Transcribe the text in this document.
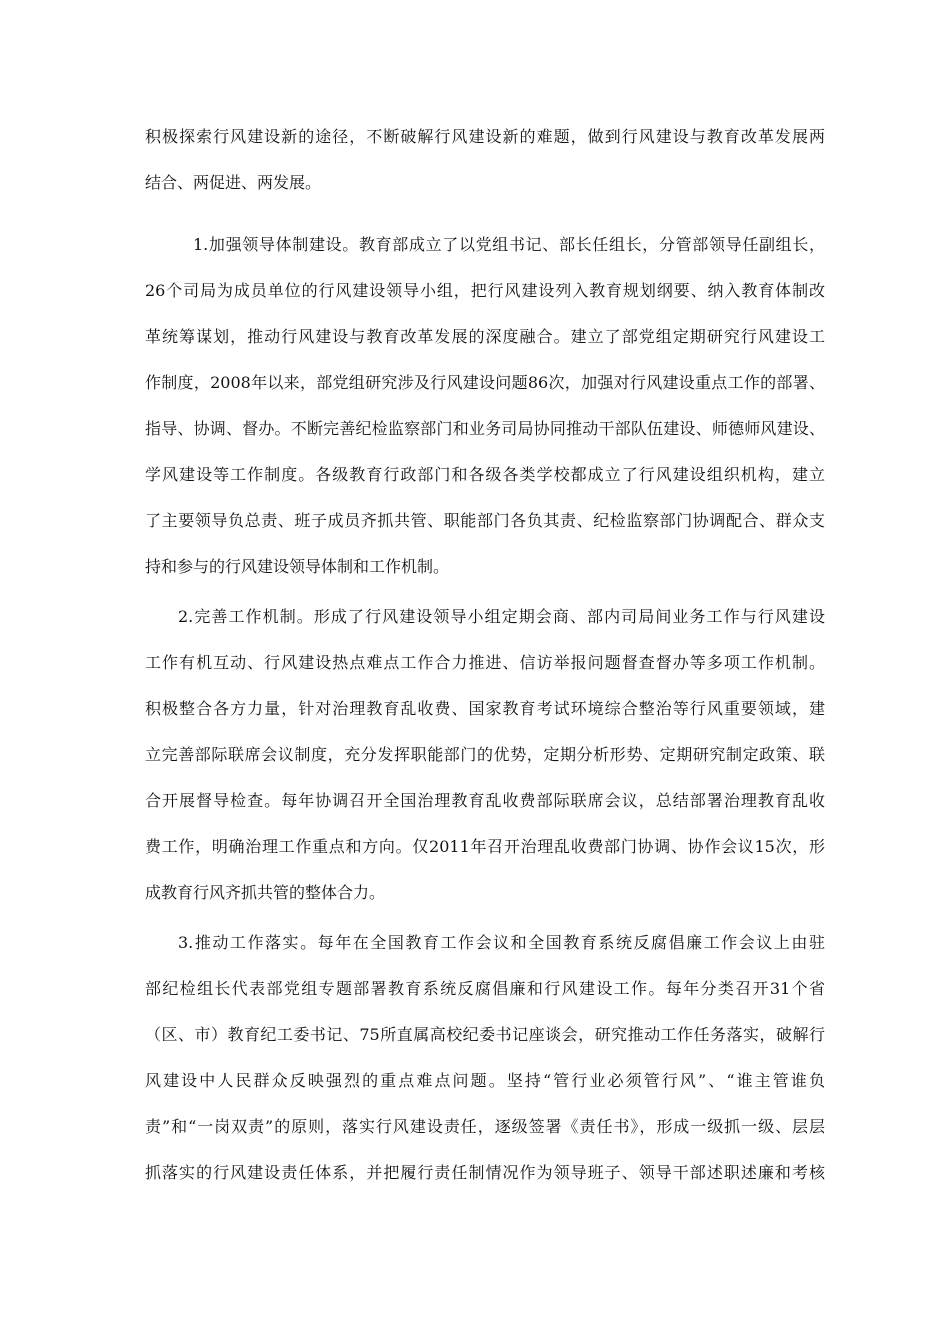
积极探索行风建设新的途径，不断破解行风建设新的难题，做到行风建设与教育改革发展两
结合、两促进、两发展。
1.加强领导体制建设。教育部成立了以党组书记、部长任组长，分管部领导任副组长，
26个司局为成员单位的行风建设领导小组，把行风建设列入教育规划纲要、纳入教育体制改
革统筹谋划，推动行风建设与教育改革发展的深度融合。建立了部党组定期研究行风建设工
作制度，2008年以来，部党组研究涉及行风建设问题86次，加强对行风建设重点工作的部署、
指导、协调、督办。不断完善纪检监察部门和业务司局协同推动干部队伍建设、师德师风建设、
学风建设等工作制度。各级教育行政部门和各级各类学校都成立了行风建设组织机构，建立
了主要领导负总责、班子成员齐抓共管、职能部门各负其责、纪检监察部门协调配合、群众支
持和参与的行风建设领导体制和工作机制。
2.完善工作机制。形成了行风建设领导小组定期会商、部内司局间业务工作与行风建设
工作有机互动、行风建设热点难点工作合力推进、信访举报问题督查督办等多项工作机制。
积极整合各方力量，针对治理教育乱收费、国家教育考试环境综合整治等行风重要领域，建
立完善部际联席会议制度，充分发挥职能部门的优势，定期分析形势、定期研究制定政策、联
合开展督导检查。每年协调召开全国治理教育乱收费部际联席会议，总结部署治理教育乱收
费工作，明确治理工作重点和方向。仅2011年召开治理乱收费部门协调、协作会议15次，形
成教育行风齐抓共管的整体合力。
3.推动工作落实。每年在全国教育工作会议和全国教育系统反腐倡廉工作会议上由驻
部纪检组长代表部党组专题部署教育系统反腐倡廉和行风建设工作。每年分类召开31个省
（区、市）教育纪工委书记、75所直属高校纪委书记座谈会，研究推动工作任务落实，破解行
风建设中人民群众反映强烈的重点难点问题。坚持“管行业必须管行风”、“谁主管谁负
责”和“一岗双责”的原则，落实行风建设责任，逐级签署《责任书》，形成一级抓一级、层层
抓落实的行风建设责任体系，并把履行责任制情况作为领导班子、领导干部述职述廉和考核
